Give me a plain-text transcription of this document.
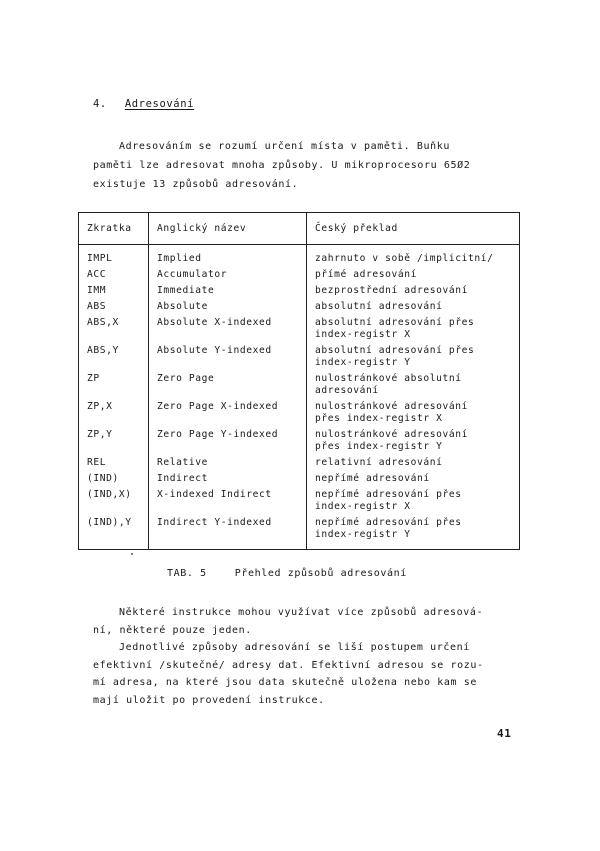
4. Adresování

Adresováním se rozumí určení místa v paměti. Buňku

paměti lze adresovat mnoha způsoby. U mikroprocesoru 65Ø2

existuje 13 způsobů adresování.

Zkratka	Anglický název	Český překlad
IMPL	Implied	zahrnuto v sobě /implicitní/
ACC	Accumulator	přímé adresování
IMM	Immediate	bezprostřední adresování
ABS	Absolute	absolutní adresování
ABS,X	Absolute X-indexed	absolutní adresování přes
index-registr X
ABS,Y	Absolute Y-indexed	absolutní adresování přes
index-registr Y
ZP	Zero Page	nulostránkové absolutní
adresování
ZP,X	Zero Page X-indexed	nulostránkové adresování
přes index-registr X
ZP,Y	Zero Page Y-indexed	nulostránkové adresování
přes index-registr Y
REL	Relative	relativní adresování
(IND)	Indirect	nepřímé adresování
(IND,X)	X-indexed Indirect	nepřímé adresování přes
index-registr X
(IND),Y	Indirect Y-indexed	nepřímé adresování přes
index-registr Y
TAB. 5	Přehled způsobů adresování

Některé instrukce mohou využívat více způsobů adresová-

ní, některé pouze jeden.

Jednotlivé způsoby adresování se liší postupem určení

efektivní /skutečné/ adresy dat. Efektivní adresou se rozu-

mí adresa, na které jsou data skutečně uložena nebo kam se

mají uložit po provedení instrukce.

41
